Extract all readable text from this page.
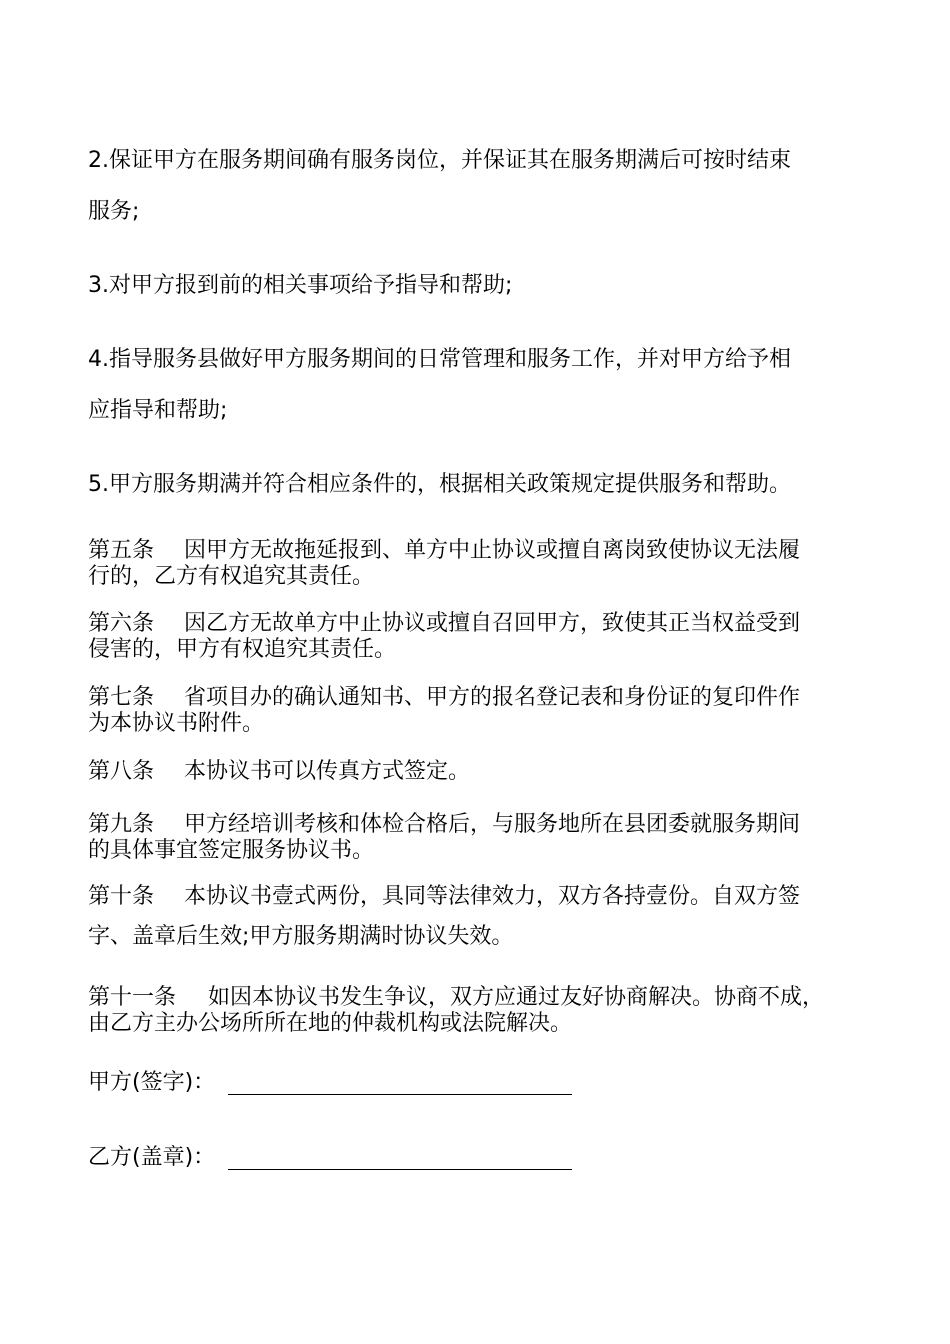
2.保证甲方在服务期间确有服务岗位，并保证其在服务期满后可按时结束
服务;
3.对甲方报到前的相关事项给予指导和帮助;
4.指导服务县做好甲方服务期间的日常管理和服务工作，并对甲方给予相
应指导和帮助;
5.甲方服务期满并符合相应条件的，根据相关政策规定提供服务和帮助。
第五条 因甲方无故拖延报到、单方中止协议或擅自离岗致使协议无法履
行的，乙方有权追究其责任。
第六条 因乙方无故单方中止协议或擅自召回甲方，致使其正当权益受到
侵害的，甲方有权追究其责任。
第七条 省项目办的确认通知书、甲方的报名登记表和身份证的复印件作
为本协议书附件。
第八条 本协议书可以传真方式签定。
第九条 甲方经培训考核和体检合格后，与服务地所在县团委就服务期间
的具体事宜签定服务协议书。
第十条 本协议书壹式两份，具同等法律效力，双方各持壹份。自双方签
字、盖章后生效;甲方服务期满时协议失效。
第十一条 如因本协议书发生争议，双方应通过友好协商解决。协商不成，
由乙方主办公场所所在地的仲裁机构或法院解决。
甲方(签字)：
乙方(盖章)：
